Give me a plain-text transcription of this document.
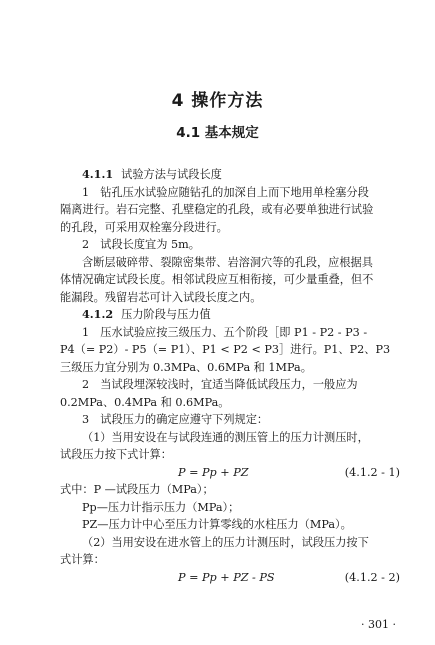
4 操作方法
4.1 基本规定
4.1.1 试验方法与试段长度
1　钻孔压水试验应随钻孔的加深自上而下地用单栓塞分段
隔离进行。岩石完整、孔壁稳定的孔段，或有必要单独进行试验
的孔段，可采用双栓塞分段进行。
2　试段长度宜为 5m。
含断层破碎带、裂隙密集带、岩溶洞穴等的孔段，应根据具
体情况确定试段长度。相邻试段应互相衔接，可少量重叠，但不
能漏段。残留岩芯可计入试段长度之内。
4.1.2 压力阶段与压力值
1　压水试验应按三级压力、五个阶段［即 P1 - P2 - P3 -
P4（= P2）- P5（= P1）、P1 < P2 < P3］进行。P1、P2、P3
三级压力宜分别为 0.3MPa、0.6MPa 和 1MPa。
2　当试段埋深较浅时，宜适当降低试段压力，一般应为
0.2MPa、0.4MPa 和 0.6MPa。
3　试段压力的确定应遵守下列规定：
（1）当用安设在与试段连通的测压管上的压力计测压时，
试段压力按下式计算：
P = Pp + PZ	(4.1.2 - 1)
式中：P —试段压力（MPa）；
Pp—压力计指示压力（MPa）；
PZ—压力计中心至压力计算零线的水柱压力（MPa）。
（2）当用安设在进水管上的压力计测压时，试段压力按下
式计算：
P = Pp + PZ - PS	(4.1.2 - 2)
· 301 ·
